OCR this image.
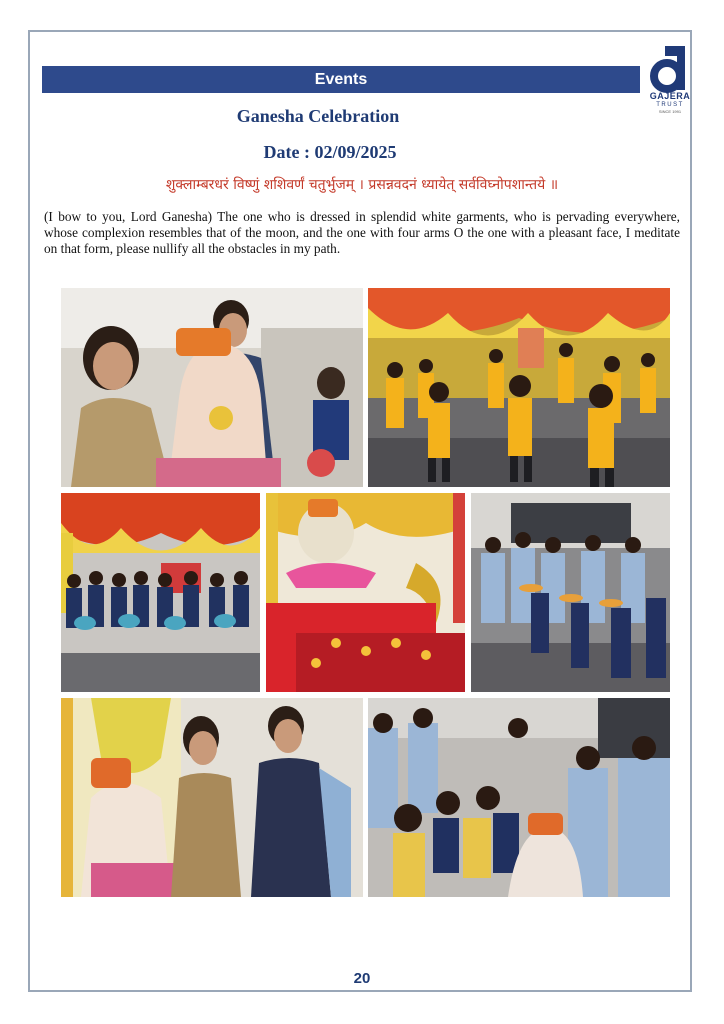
Events
GAJERA
TRUST
SINCE 1991
Ganesha Celebration
Date : 02/09/2025
शुक्लाम्बरधरं विष्णुं शशिवर्णं चतुर्भुजम् । प्रसन्नवदनं ध्यायेत् सर्वविघ्नोपशान्तये ॥
(I bow to you, Lord Ganesha) The one who is dressed in splendid white garments, who is pervading everywhere, whose complexion resembles that of the moon, and the one with four arms O the one with a pleasant face, I meditate on that form, please nullify all the obstacles in my path.
20
